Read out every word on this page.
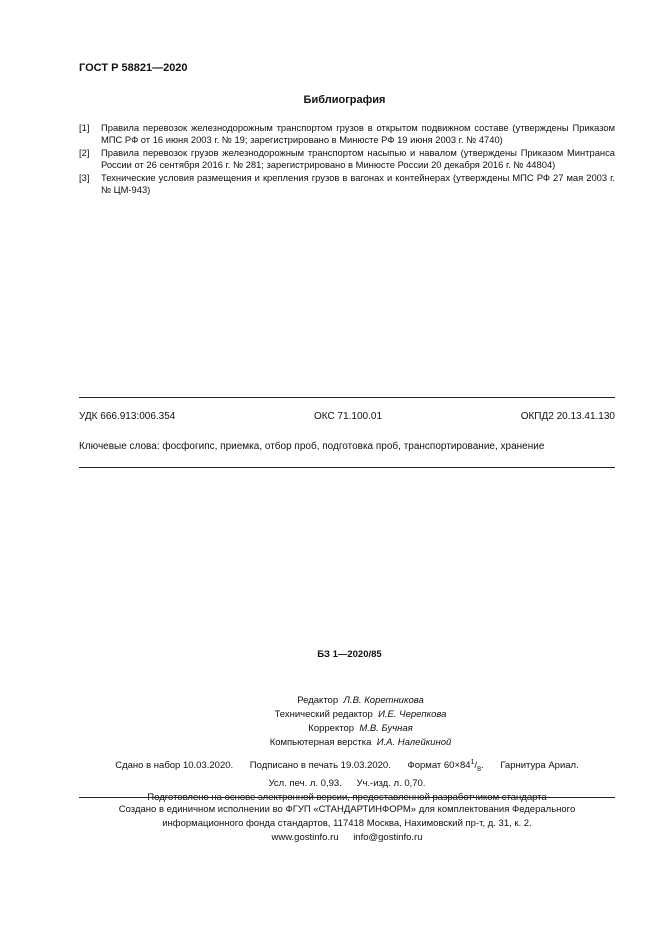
ГОСТ Р 58821—2020
Библиография
[1]	Правила перевозок железнодорожным транспортом грузов в открытом подвижном составе (утверждены Приказом МПС РФ от 16 июня 2003 г. № 19; зарегистрировано в Минюсте РФ 19 июня 2003 г. № 4740)
[2]	Правила перевозок грузов железнодорожным транспортом насыпью и навалом (утверждены Приказом Минтранса России от 26 сентября 2016 г. № 281; зарегистрировано в Минюсте России 20 декабря 2016 г. № 44804)
[3]	Технические условия размещения и крепления грузов в вагонах и контейнерах (утверждены МПС РФ 27 мая 2003 г. № ЦМ-943)
УДК 666.913:006.354	ОКС 71.100.01	ОКПД2 20.13.41.130
Ключевые слова: фосфогипс, приемка, отбор проб, подготовка проб, транспортирование, хранение
БЗ 1—2020/85
Редактор Л.В. Коретникова
Технический редактор И.Е. Черепкова
Корректор М.В. Бучная
Компьютерная верстка И.А. Налейкиной
Сдано в набор 10.03.2020. Подписано в печать 19.03.2020. Формат $60\times 84^1/_8$. Гарнитура Ариал.
Усл. печ. л. 0,93. Уч.-изд. л. 0,70.
Подготовлено на основе электронной версии, предоставленной разработчиком стандарта
Создано в единичном исполнении во ФГУП «СТАНДАРТИНФОРМ» для комплектования Федерального
информационного фонда стандартов, 117418 Москва, Нахимовский пр-т, д. 31, к. 2.
www.gostinfo.ru info@gostinfo.ru
